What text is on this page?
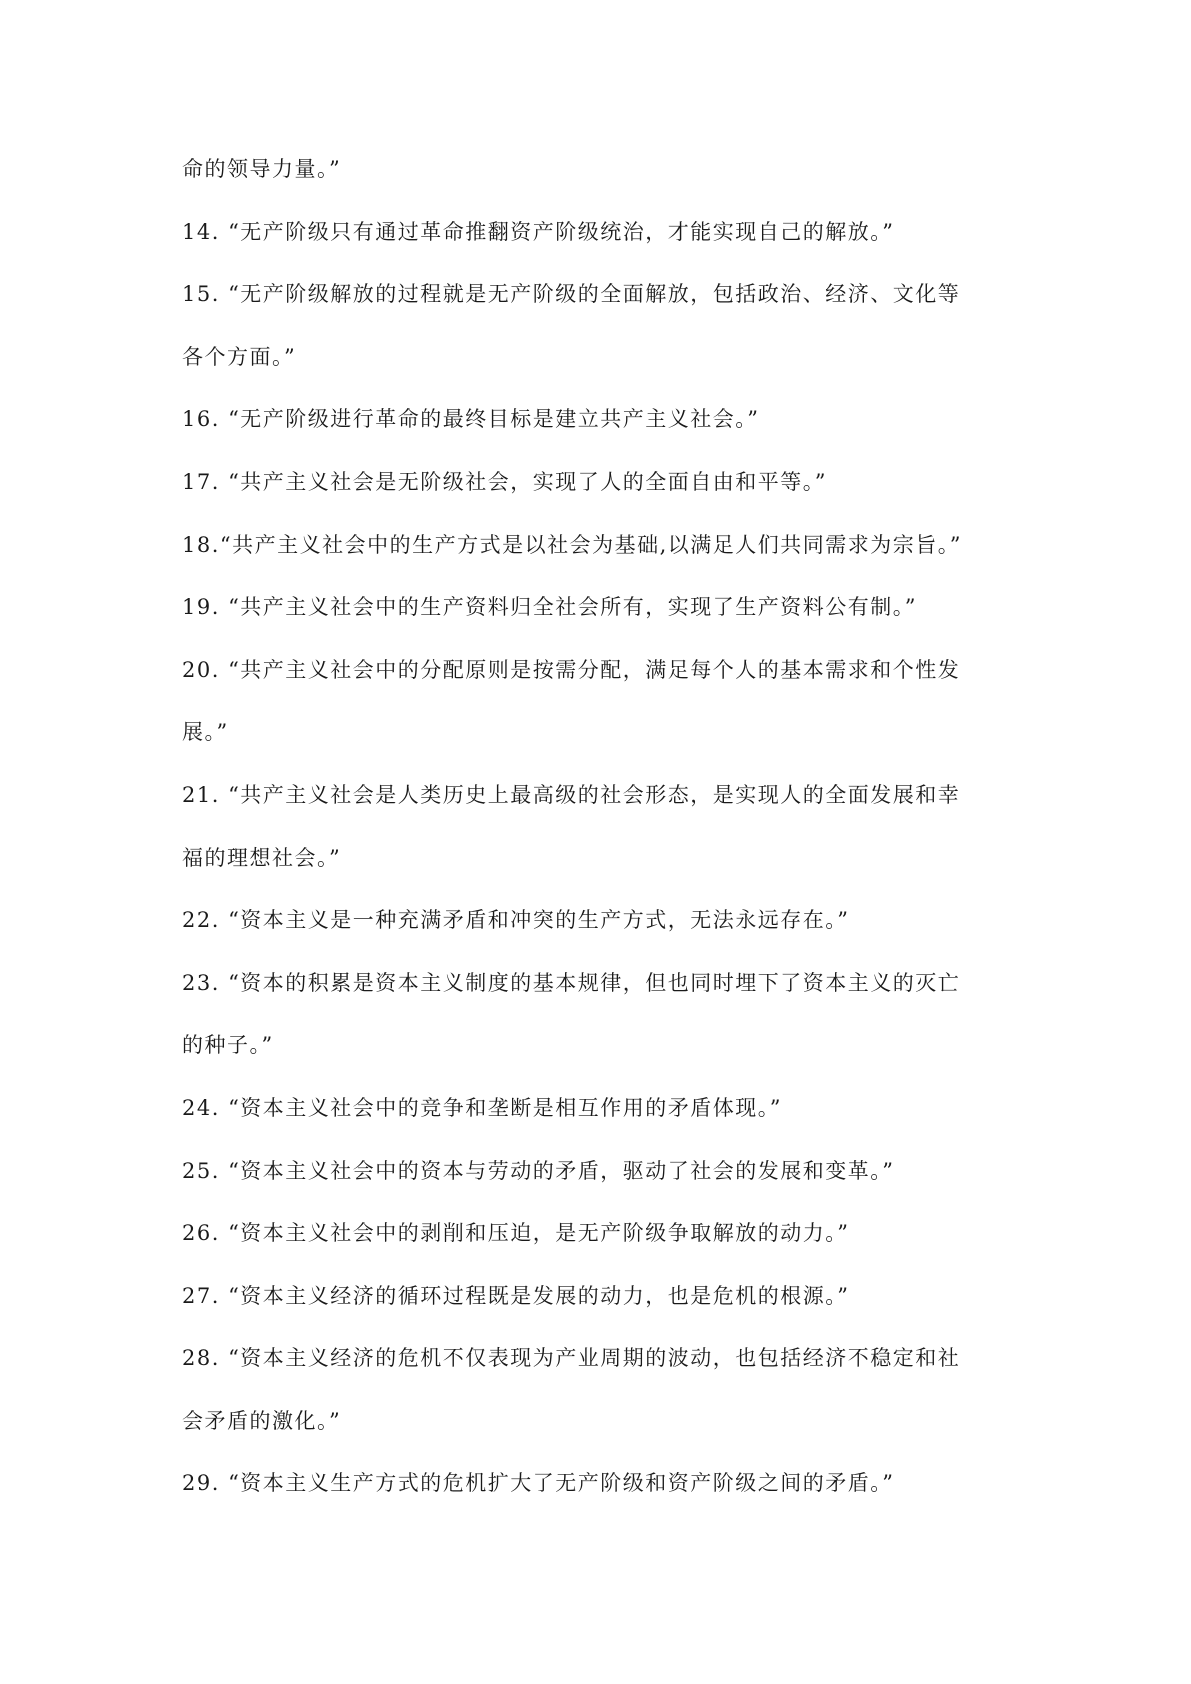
命的领导力量。”
14. “无产阶级只有通过革命推翻资产阶级统治，才能实现自己的解放。”
15. “无产阶级解放的过程就是无产阶级的全面解放，包括政治、经济、文化等
各个方面。”
16. “无产阶级进行革命的最终目标是建立共产主义社会。”
17. “共产主义社会是无阶级社会，实现了人的全面自由和平等。”
18.“共产主义社会中的生产方式是以社会为基础,以满足人们共同需求为宗旨。”
19. “共产主义社会中的生产资料归全社会所有，实现了生产资料公有制。”
20. “共产主义社会中的分配原则是按需分配，满足每个人的基本需求和个性发
展。”
21. “共产主义社会是人类历史上最高级的社会形态，是实现人的全面发展和幸
福的理想社会。”
22. “资本主义是一种充满矛盾和冲突的生产方式，无法永远存在。”
23. “资本的积累是资本主义制度的基本规律，但也同时埋下了资本主义的灭亡
的种子。”
24. “资本主义社会中的竞争和垄断是相互作用的矛盾体现。”
25. “资本主义社会中的资本与劳动的矛盾，驱动了社会的发展和变革。”
26. “资本主义社会中的剥削和压迫，是无产阶级争取解放的动力。”
27. “资本主义经济的循环过程既是发展的动力，也是危机的根源。”
28. “资本主义经济的危机不仅表现为产业周期的波动，也包括经济不稳定和社
会矛盾的激化。”
29. “资本主义生产方式的危机扩大了无产阶级和资产阶级之间的矛盾。”
